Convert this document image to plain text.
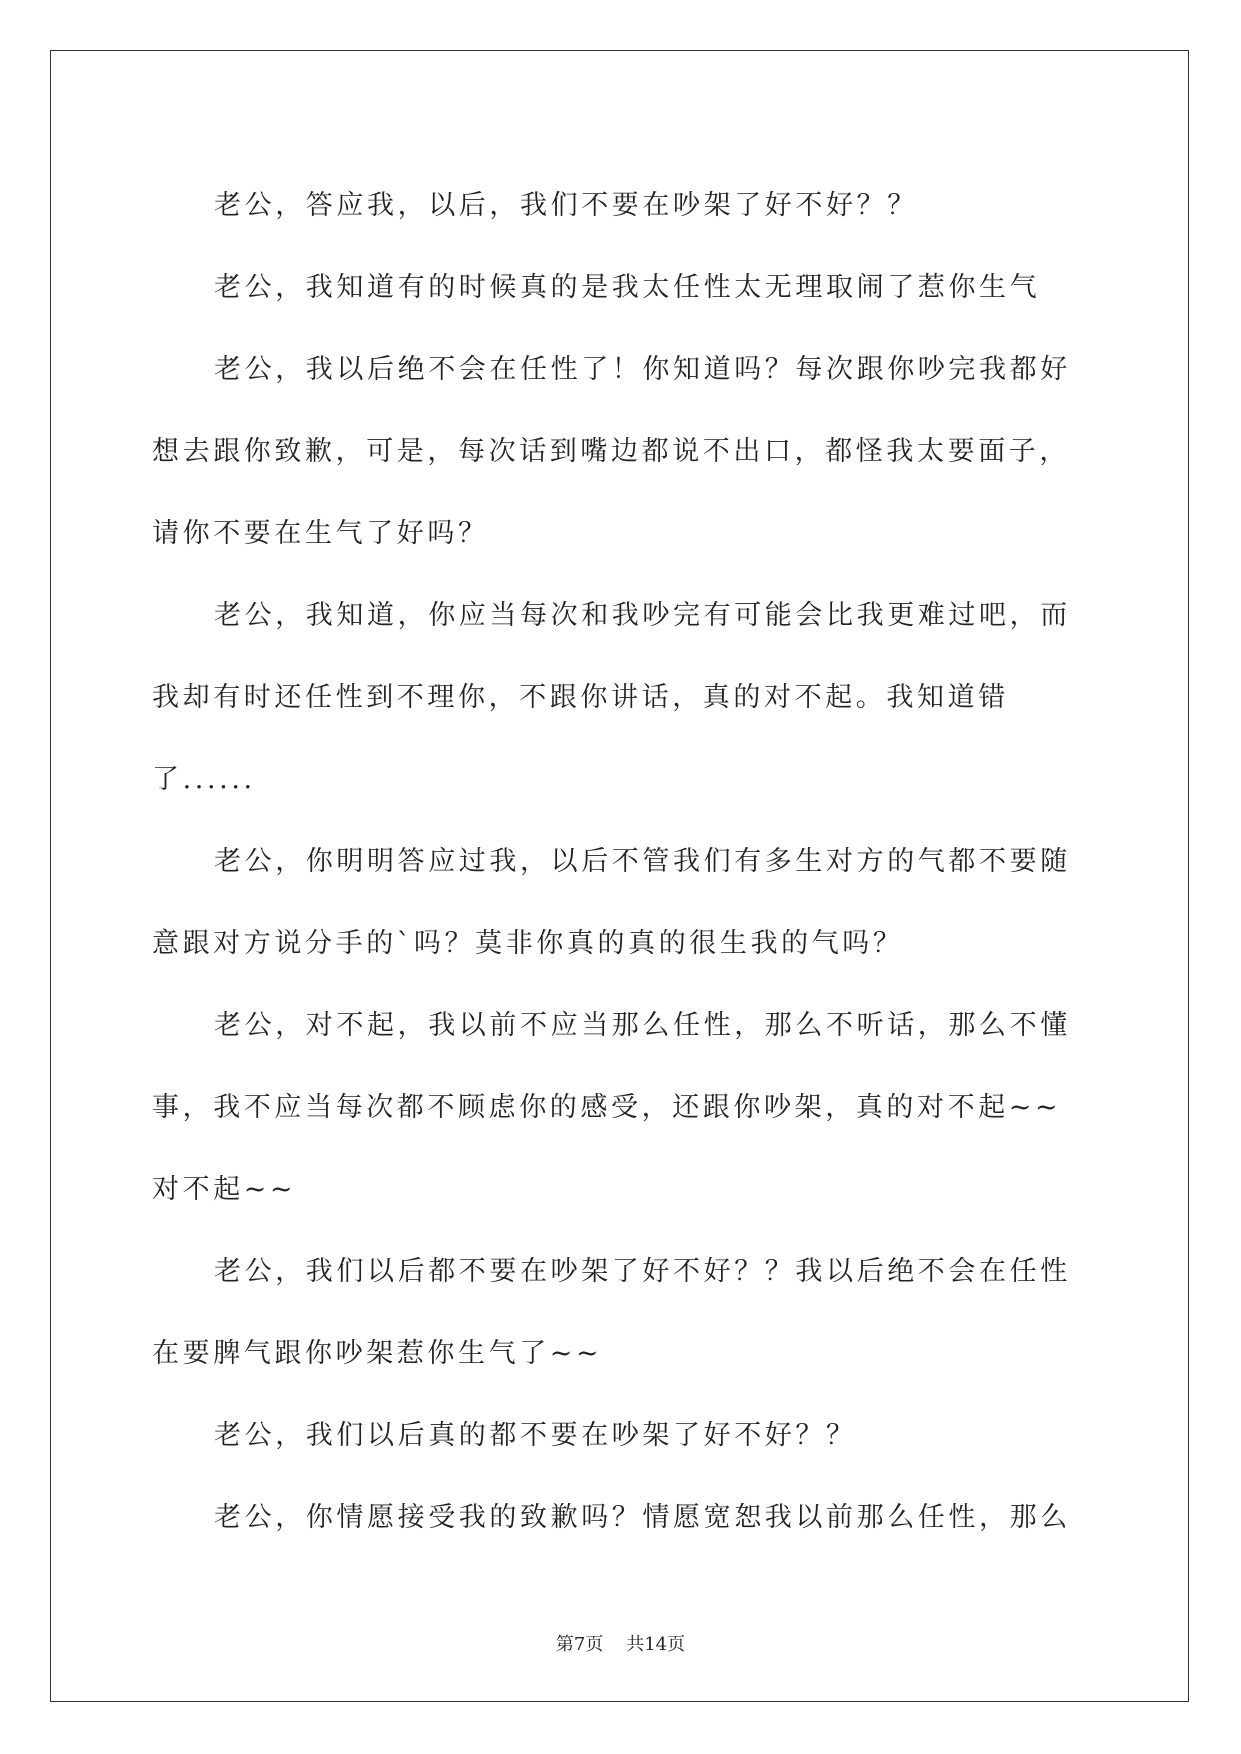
老公，答应我，以后，我们不要在吵架了好不好？？

老公，我知道有的时候真的是我太任性太无理取闹了惹你生气

老公，我以后绝不会在任性了！你知道吗？每次跟你吵完我都好想去跟你致歉，可是，每次话到嘴边都说不出口，都怪我太要面子，请你不要在生气了好吗？

老公，我知道，你应当每次和我吵完有可能会比我更难过吧，而我却有时还任性到不理你，不跟你讲话，真的对不起。我知道错了......

老公，你明明答应过我，以后不管我们有多生对方的气都不要随意跟对方说分手的`吗？莫非你真的真的很生我的气吗？

老公，对不起，我以前不应当那么任性，那么不听话，那么不懂事，我不应当每次都不顾虑你的感受，还跟你吵架，真的对不起~~对不起~~

老公，我们以后都不要在吵架了好不好？？我以后绝不会在任性在要脾气跟你吵架惹你生气了~~

老公，我们以后真的都不要在吵架了好不好？？

老公，你情愿接受我的致歉吗？情愿宽恕我以前那么任性，那么

第7页 共14页
